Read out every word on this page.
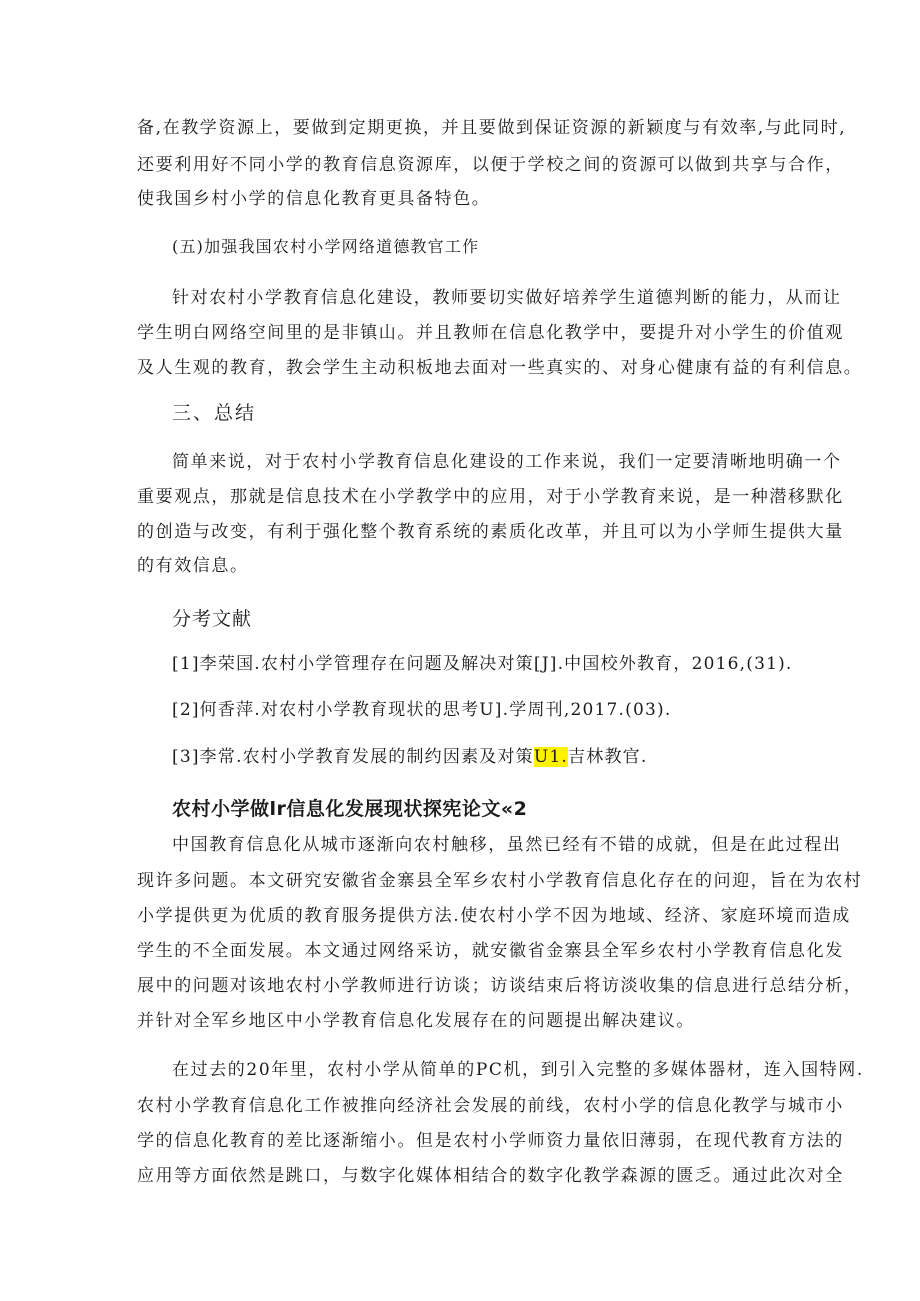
备,在教学资源上，要做到定期更换，并且要做到保证资源的新颖度与有效率,与此同时,
还要利用好不同小学的教育信息资源库，以便于学校之间的资源可以做到共享与合作，
使我国乡村小学的信息化教育更具备特色。
(五)加强我国农村小学网络道德教官工作
针对农村小学教育信息化建设，教师要切实做好培养学生道德判断的能力，从而让
学生明白网络空间里的是非镇山。并且教师在信息化教学中，要提升对小学生的价值观
及人生观的教育，教会学生主动积板地去面对一些真实的、对身心健康有益的有利信息。
三、总结
简单来说，对于农村小学教育信息化建设的工作来说，我们一定要清晰地明确一个
重要观点，那就是信息技术在小学教学中的应用，对于小学教育来说，是一种潜移默化
的创造与改变，有利于强化整个教育系统的素质化改革，并且可以为小学师生提供大量
的有效信息。
分考文献
[1]李荣国.农村小学管理存在问题及解决对策[J].中国校外教育，2016,(31).
[2]何香萍.对农村小学教育现状的思考U].学周刊,2017.(03).
[3]李常.农村小学教育发展的制约因素及对策U1.吉林教官.
农村小学做lr信息化发展现状探宪论文«2
中国教育信息化从城市逐渐向农村触移，虽然已经有不错的成就，但是在此过程出
现许多问题。本文研究安徽省金寨县全军乡农村小学教育信息化存在的问迎，旨在为农村
小学提供更为优质的教育服务提供方法.使农村小学不因为地域、经济、家庭环境而造成
学生的不全面发展。本文通过网络采访，就安徽省金寨县全军乡农村小学教育信息化发
展中的问题对该地农村小学教师进行访谈；访谈结束后将访淡收集的信息进行总结分析，
并针对全军乡地区中小学教育信息化发展存在的问题提出解决建议。
在过去的20年里，农村小学从简单的PC机，到引入完整的多媒体器材，连入国特网.
农村小学教育信息化工作被推向经济社会发展的前线，农村小学的信息化教学与城市小
学的信息化教育的差比逐渐缩小。但是农村小学师资力量依旧薄弱，在现代教育方法的
应用等方面依然是跳口，与数字化媒体相结合的数字化教学森源的匮乏。通过此次对全
